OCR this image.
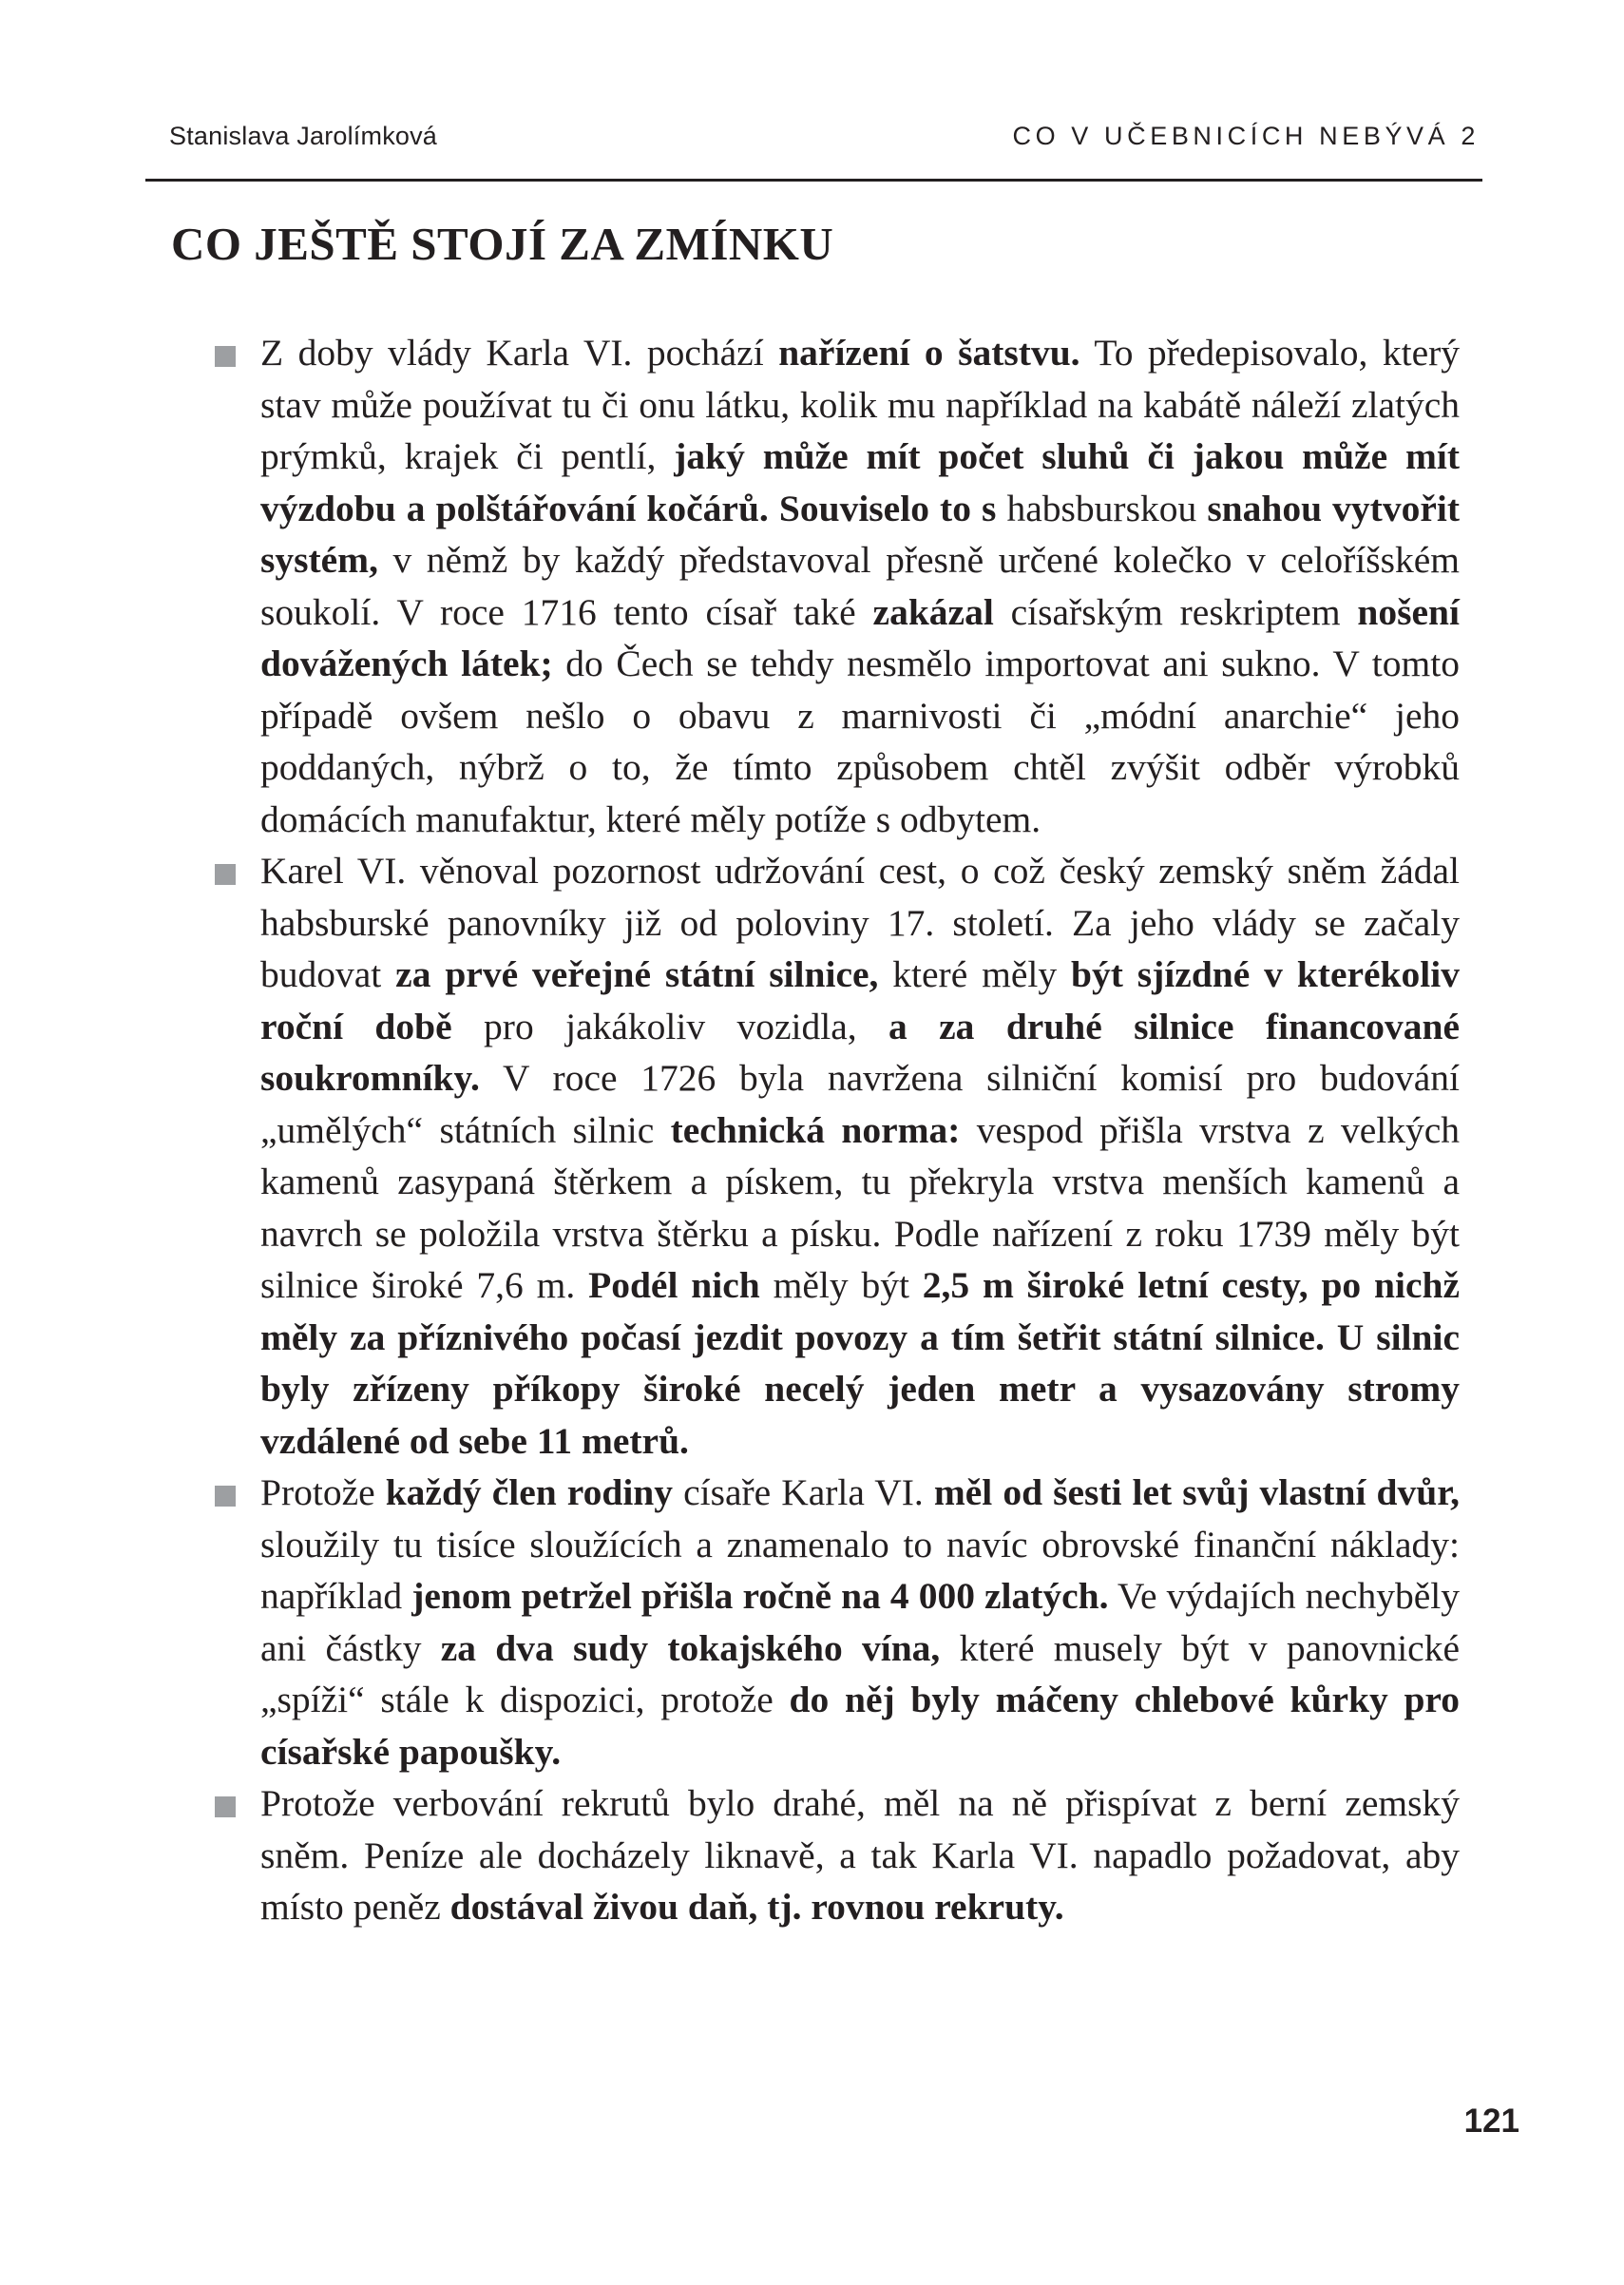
Stanislava Jarolímková	CO V UČEBNICÍCH NEBÝVÁ 2
CO JEŠTĚ STOJÍ ZA ZMÍNKU
Z doby vlády Karla VI. pochází nařízení o šatstvu. To předepisovalo, který stav může používat tu či onu látku, kolik mu například na kabátě náleží zlatých prýmků, krajek či pentlí, jaký může mít počet sluhů či jakou může mít výzdobu a polštářování kočárů. Souviselo to s habsburskou snahou vytvořit systém, v němž by každý představoval přesně určené kolečko v celoříšském soukolí. V roce 1716 tento císař také zakázal císařským reskriptem nošení dovážených látek; do Čech se tehdy nesmělo importovat ani sukno. V tomto případě ovšem nešlo o obavu z marnivosti či „módní anarchie“ jeho poddaných, nýbrž o to, že tímto způsobem chtěl zvýšit odběr výrobků domácích manufaktur, které měly potíže s odbytem.
Karel VI. věnoval pozornost udržování cest, o což český zemský sněm žádal habsburské panovníky již od poloviny 17. století. Za jeho vlády se začaly budovat za prvé veřejné státní silnice, které měly být sjízdné v kterékoliv roční době pro jakákoliv vozidla, a za druhé silnice financované soukromníky. V roce 1726 byla navržena silniční komisí pro budování „umělých“ státních silnic technická norma: vespod přišla vrstva z velkých kamenů zasypaná štěrkem a pískem, tu překryla vrstva menších kamenů a navrch se položila vrstva štěrku a písku. Podle nařízení z roku 1739 měly být silnice široké 7,6 m. Podél nich měly být 2,5 m široké letní cesty, po nichž měly za příznivého počasí jezdit povozy a tím šetřit státní silnice. U silnic byly zřízeny příkopy široké necelý jeden metr a vysazovány stromy vzdálené od sebe 11 metrů.
Protože každý člen rodiny císaře Karla VI. měl od šesti let svůj vlastní dvůr, sloužily tu tisíce sloužících a znamenalo to navíc obrovské finanční náklady: například jenom petržel přišla ročně na 4 000 zlatých. Ve výdajích nechyběly ani částky za dva sudy tokajského vína, které musely být v panovnické „spíži“ stále k dispozici, protože do něj byly máčeny chlebové kůrky pro císařské papoušky.
Protože verbování rekrutů bylo drahé, měl na ně přispívat z berní zemský sněm. Peníze ale docházely liknavě, a tak Karla VI. napadlo požadovat, aby místo peněz dostával živou daň, tj. rovnou rekruty.
121
